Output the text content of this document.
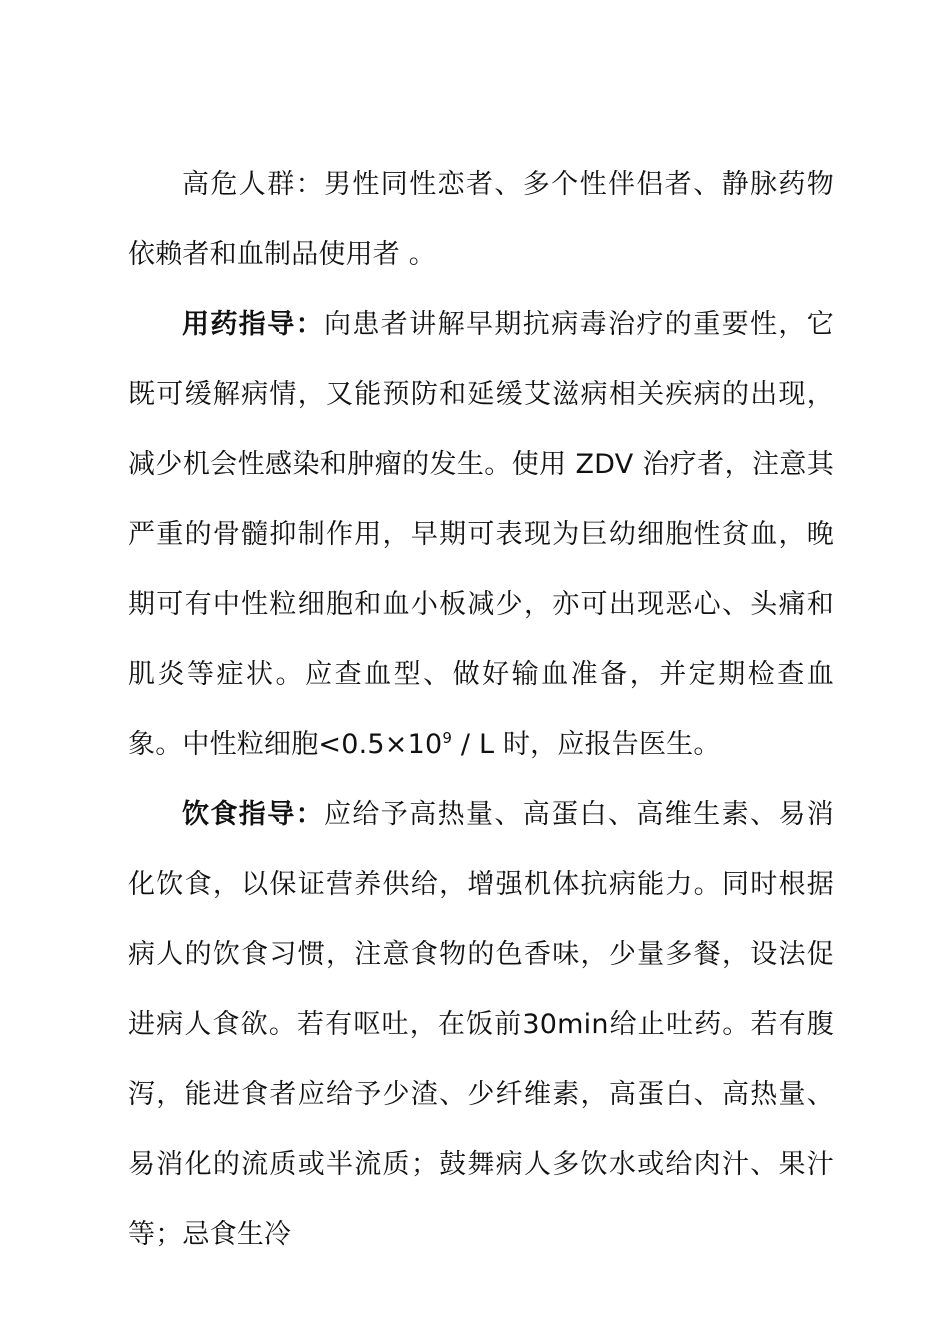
高危人群：男性同性恋者、多个性伴侣者、静脉药物依赖者和血制品使用者 。

用药指导：向患者讲解早期抗病毒治疗的重要性，它既可缓解病情，又能预防和延缓艾滋病相关疾病的出现，减少机会性感染和肿瘤的发生。使用 ZDV 治疗者，注意其严重的骨髓抑制作用，早期可表现为巨幼细胞性贫血，晚期可有中性粒细胞和血小板减少，亦可出现恶心、头痛和肌炎等症状。应查血型、做好输血准备，并定期检查血象。中性粒细胞$<0.5\times 10^9 / L$ 时，应报告医生。

饮食指导：应给予高热量、高蛋白、高维生素、易消化饮食，以保证营养供给，增强机体抗病能力。同时根据病人的饮食习惯，注意食物的色香味，少量多餐，设法促进病人食欲。若有呕吐，在饭前30min给止吐药。若有腹泻，能进食者应给予少渣、少纤维素，高蛋白、高热量、易消化的流质或半流质；鼓舞病人多饮水或给肉汁、果汁等；忌食生冷
